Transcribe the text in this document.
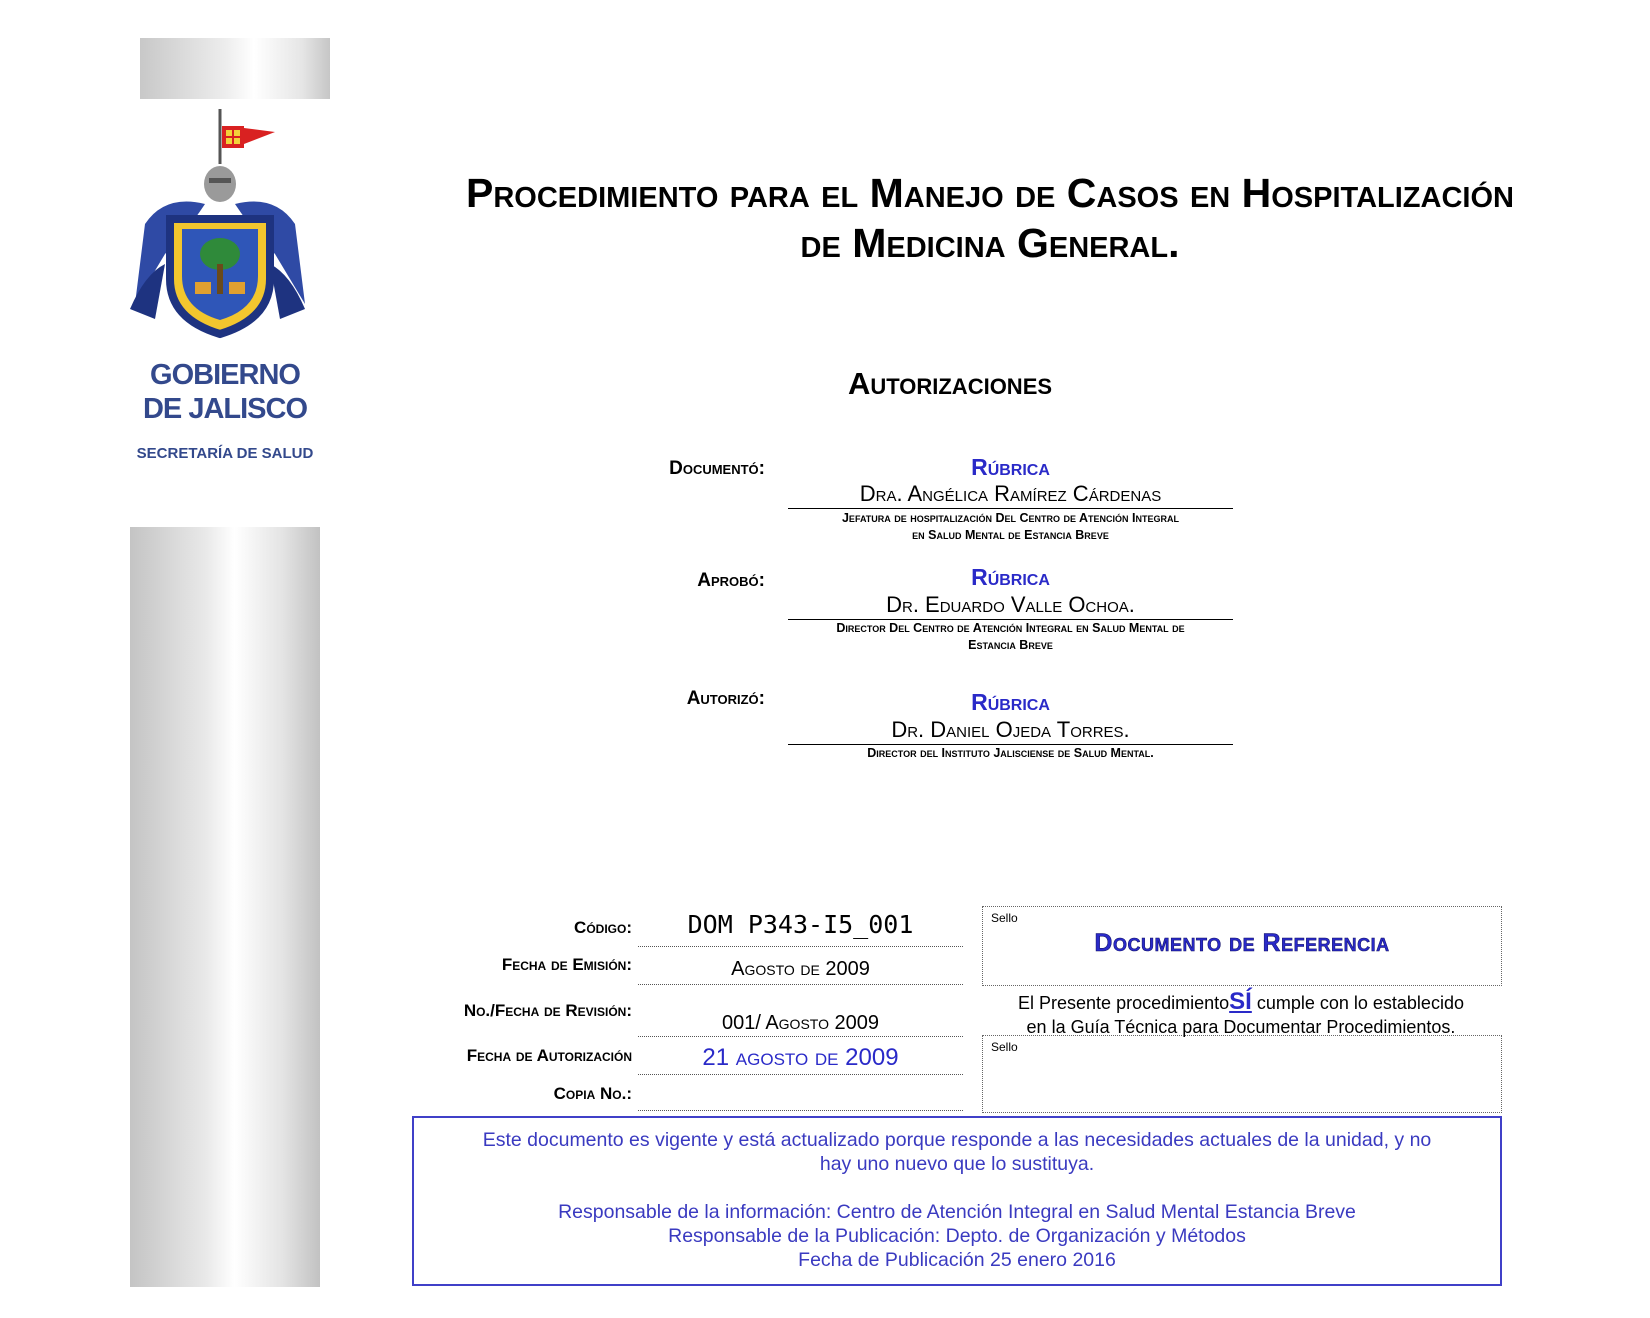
GOBIERNO
DE JALISCO
SECRETARÍA DE SALUD
Procedimiento para el Manejo de Casos en Hospitalización
de Medicina General.
Autorizaciones
Documentó:	Rúbrica
Dra. Angélica Ramírez Cárdenas
Jefatura de hospitalización Del Centro de Atención Integral
en Salud Mental de Estancia Breve
Aprobó:	Rúbrica
Dr. Eduardo Valle Ochoa.
Director Del Centro de Atención Integral en Salud Mental de
Estancia Breve
Autorizó:	Rúbrica
Dr. Daniel Ojeda Torres.
Director del Instituto Jalisciense de Salud Mental.
Código:	DOM P343-I5_001
Fecha de Emisión:	Agosto de 2009
No./Fecha de Revisión:
001/ Agosto 2009
Fecha de Autorización	21 agosto de 2009
Copia No.:
Sello
Documento de Referencia
El Presente procedimientoSÍ cumple con lo establecido
en la Guía Técnica para Documentar Procedimientos.
Sello

Este documento es vigente y está actualizado porque responde a las necesidades actuales de la unidad, y no

hay uno nuevo que lo sustituya.

Responsable de la información: Centro de Atención Integral en Salud Mental Estancia Breve

Responsable de la Publicación: Depto. de Organización y Métodos

Fecha de Publicación 25 enero 2016
